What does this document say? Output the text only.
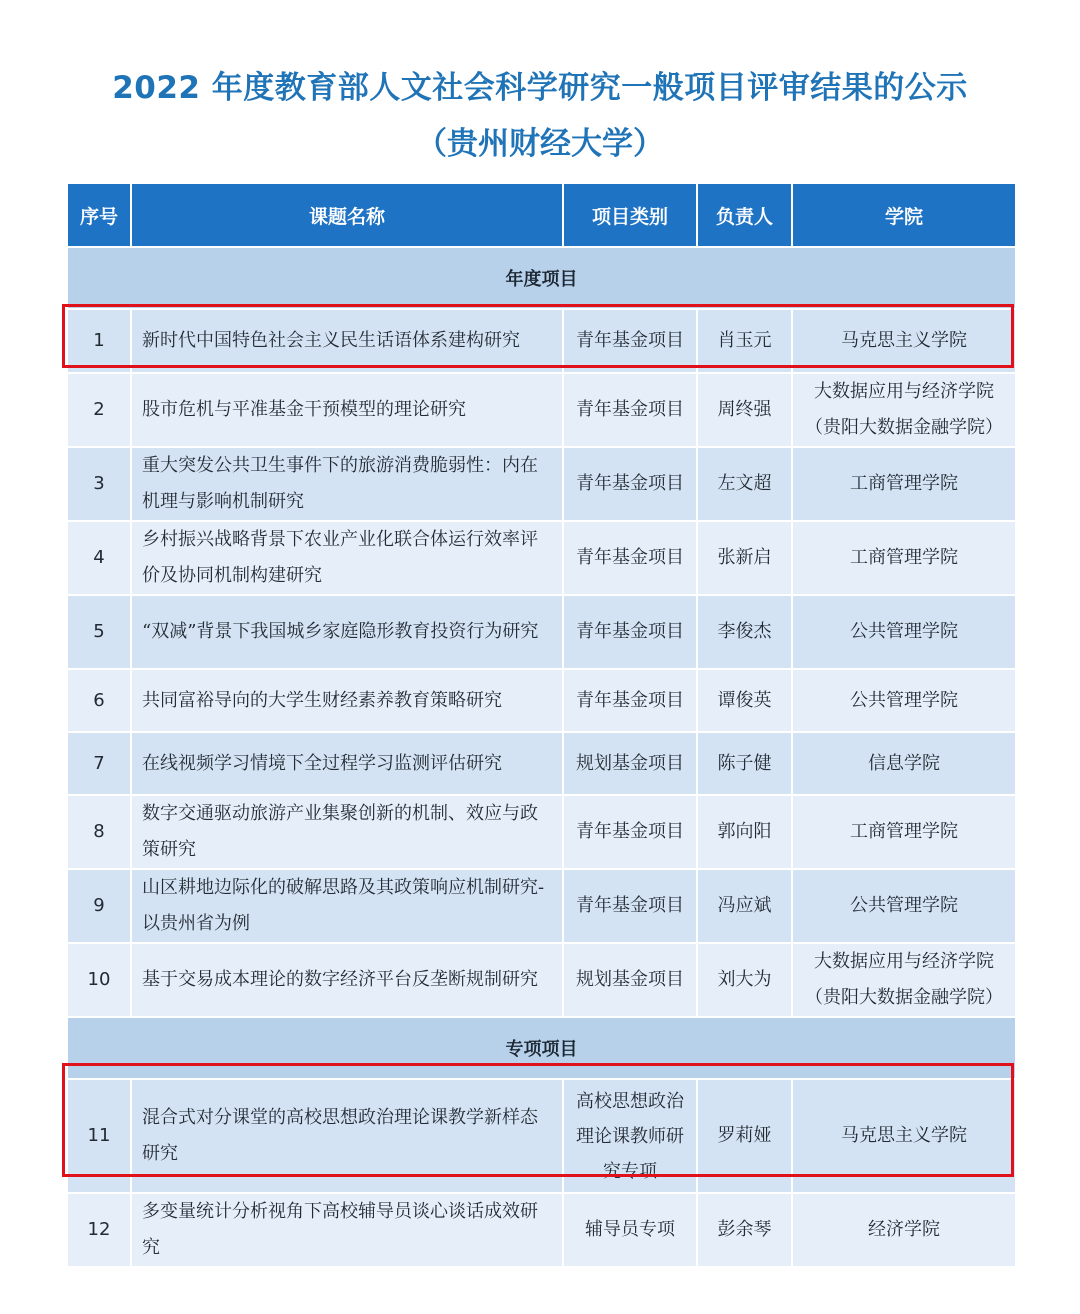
2022 年度教育部人文社会科学研究一般项目评审结果的公示
（贵州财经大学）
序号	课题名称	项目类别	负责人	学院
年度项目				
1	新时代中国特色社会主义民生话语体系建构研究	青年基金项目	肖玉元	马克思主义学院
2	股市危机与平准基金干预模型的理论研究	青年基金项目	周终强	大数据应用与经济学院（贵阳大数据金融学院）
3	重大突发公共卫生事件下的旅游消费脆弱性：内在机理与影响机制研究	青年基金项目	左文超	工商管理学院
4	乡村振兴战略背景下农业产业化联合体运行效率评价及协同机制构建研究	青年基金项目	张新启	工商管理学院
5	“双减”背景下我国城乡家庭隐形教育投资行为研究	青年基金项目	李俊杰	公共管理学院
6	共同富裕导向的大学生财经素养教育策略研究	青年基金项目	谭俊英	公共管理学院
7	在线视频学习情境下全过程学习监测评估研究	规划基金项目	陈子健	信息学院
8	数字交通驱动旅游产业集聚创新的机制、效应与政策研究	青年基金项目	郭向阳	工商管理学院
9	山区耕地边际化的破解思路及其政策响应机制研究-以贵州省为例	青年基金项目	冯应斌	公共管理学院
10	基于交易成本理论的数字经济平台反垄断规制研究	规划基金项目	刘大为	大数据应用与经济学院（贵阳大数据金融学院）
专项项目				
11	混合式对分课堂的高校思想政治理论课教学新样态研究	高校思想政治理论课教师研究专项	罗莉娅	马克思主义学院
12	多变量统计分析视角下高校辅导员谈心谈话成效研究	辅导员专项	彭余琴	经济学院
